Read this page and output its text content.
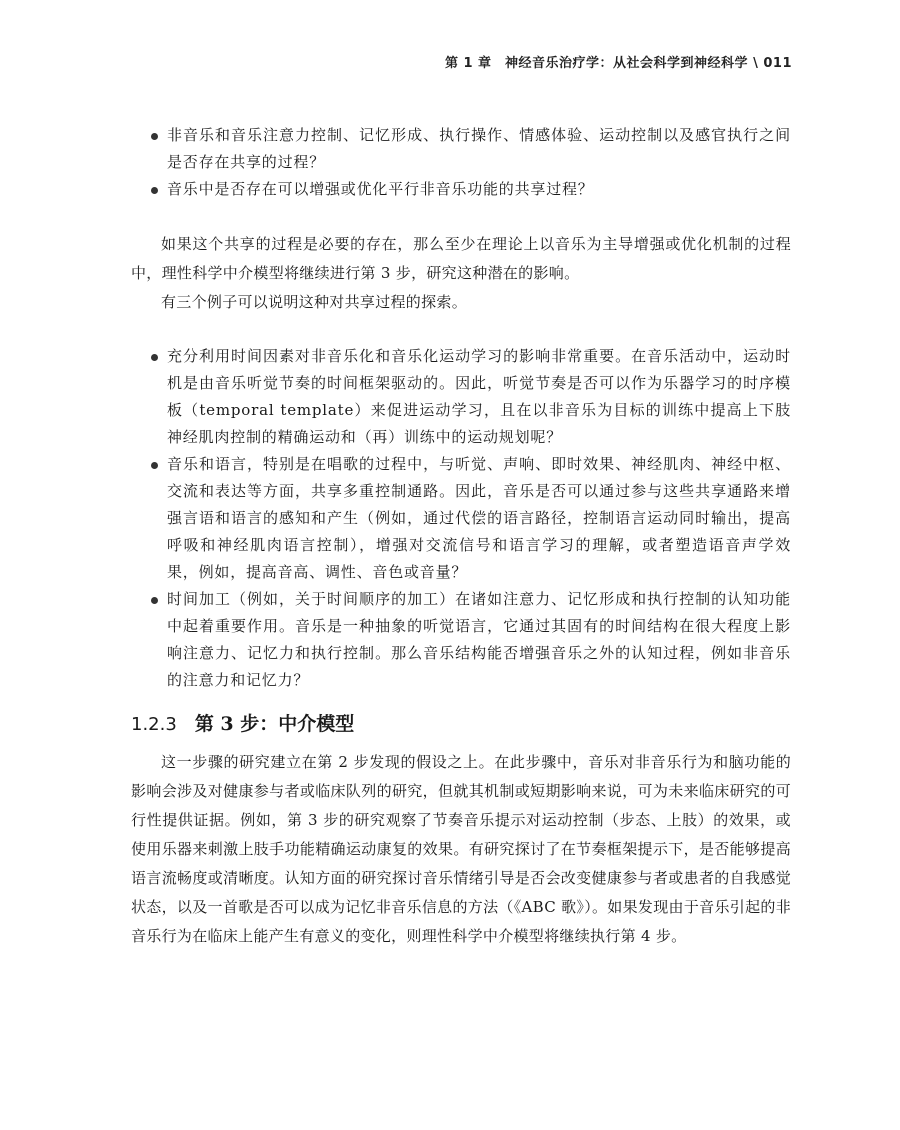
第 1 章　神经音乐治疗学：从社会科学到神经科学 \ 011
非音乐和音乐注意力控制、记忆形成、执行操作、情感体验、运动控制以及感官执行之间是否存在共享的过程？
音乐中是否存在可以增强或优化平行非音乐功能的共享过程？

如果这个共享的过程是必要的存在，那么至少在理论上以音乐为主导增强或优化机制的过程中，理性科学中介模型将继续进行第 3 步，研究这种潜在的影响。

有三个例子可以说明这种对共享过程的探索。

充分利用时间因素对非音乐化和音乐化运动学习的影响非常重要。在音乐活动中，运动时机是由音乐听觉节奏的时间框架驱动的。因此，听觉节奏是否可以作为乐器学习的时序模板（temporal template）来促进运动学习，且在以非音乐为目标的训练中提高上下肢神经肌肉控制的精确运动和（再）训练中的运动规划呢？
音乐和语言，特别是在唱歌的过程中，与听觉、声响、即时效果、神经肌肉、神经中枢、交流和表达等方面，共享多重控制通路。因此，音乐是否可以通过参与这些共享通路来增强言语和语言的感知和产生（例如，通过代偿的语言路径，控制语言运动同时输出，提高呼吸和神经肌肉语言控制），增强对交流信号和语言学习的理解，或者塑造语音声学效果，例如，提高音高、调性、音色或音量？
时间加工（例如，关于时间顺序的加工）在诸如注意力、记忆形成和执行控制的认知功能中起着重要作用。音乐是一种抽象的听觉语言，它通过其固有的时间结构在很大程度上影响注意力、记忆力和执行控制。那么音乐结构能否增强音乐之外的认知过程，例如非音乐的注意力和记忆力？
1.2.3 第 3 步：中介模型

这一步骤的研究建立在第 2 步发现的假设之上。在此步骤中，音乐对非音乐行为和脑功能的影响会涉及对健康参与者或临床队列的研究，但就其机制或短期影响来说，可为未来临床研究的可行性提供证据。例如，第 3 步的研究观察了节奏音乐提示对运动控制（步态、上肢）的效果，或使用乐器来刺激上肢手功能精确运动康复的效果。有研究探讨了在节奏框架提示下，是否能够提高语言流畅度或清晰度。认知方面的研究探讨音乐情绪引导是否会改变健康参与者或患者的自我感觉状态，以及一首歌是否可以成为记忆非音乐信息的方法（《ABC 歌》）。如果发现由于音乐引起的非音乐行为在临床上能产生有意义的变化，则理性科学中介模型将继续执行第 4 步。
